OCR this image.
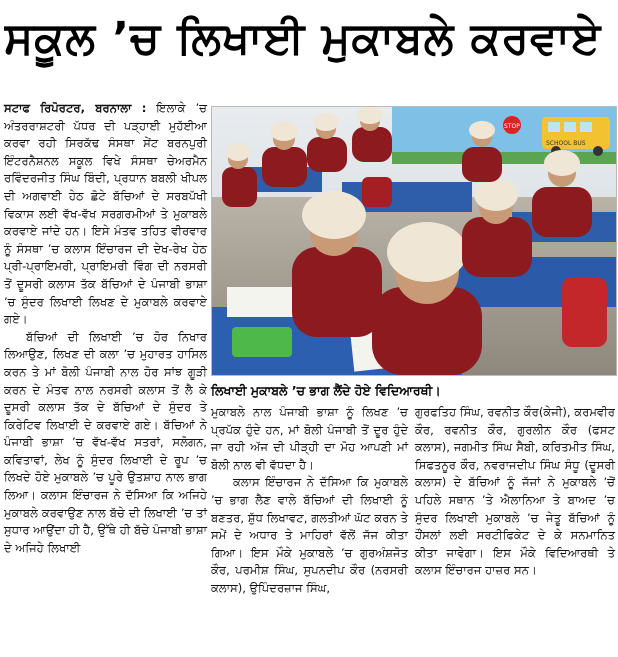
ਸਕੂਲ ’ਚ ਲਿਖਾਈ ਮੁਕਾਬਲੇ ਕਰਵਾਏ

ਸਟਾਫ ਰਿਪੋਰਟਰ, ਬਰਨਾਲਾ : ਇਲਾਕੇ ’ਚ ਅੰਤਰਰਾਸ਼ਟਰੀ ਪੱਧਰ ਦੀ ਪੜ੍ਹਾਈ ਮੁਹੱਈਆ ਕਰਵਾ ਰਹੀ ਸਿਰਕੱਢ ਸੰਸਥਾ ਸੇਂਟ ਬਰਨਪੁਰੀ ਇੰਟਰਨੈਸ਼ਨਲ ਸਕੂਲ ਵਿਖੇ ਸੰਸਥਾ ਚੇਅਰਮੈਨ ਰਵਿੰਦਰਜੀਤ ਸਿੰਘ ਬਿੰਦੀ, ਪ੍ਰਧਾਨ ਬਬਲੀ ਖੀਪਲ ਦੀ ਅਗਵਾਈ ਹੇਠ ਛੋਟੇ ਬੱਚਿਆਂ ਦੇ ਸਰਬਪੱਖੀ ਵਿਕਾਸ ਲਈ ਵੱਖ-ਵੱਖ ਸਰਗਰਮੀਆਂ ਤੇ ਮੁਕਾਬਲੇ ਕਰਵਾਏ ਜਾਂਦੇ ਹਨ। ਇਸੇ ਮੰਤਵ ਤਹਿਤ ਵੀਰਵਾਰ ਨੂੰ ਸੰਸਥਾ ’ਚ ਕਲਾਸ ਇੰਚਾਰਜ ਦੀ ਦੇਖ-ਰੇਖ ਹੇਠ ਪ੍ਰੀ-ਪ੍ਰਾਇਮਰੀ, ਪ੍ਰਾਇਮਰੀ ਵਿੰਗ ਦੀ ਨਰਸਰੀ ਤੋਂ ਦੂਸਰੀ ਕਲਾਸ ਤੱਕ ਬੱਚਿਆਂ ਦੇ ਪੰਜਾਬੀ ਭਾਸ਼ਾ ’ਚ ਸੁੰਦਰ ਲਿਖਾਈ ਲਿਖਣ ਦੇ ਮੁਕਾਬਲੇ ਕਰਵਾਏ ਗਏ।

ਬੱਚਿਆਂ ਦੀ ਲਿਖਾਈ ’ਚ ਹੋਰ ਨਿਖਾਰ ਲਿਆਉਣ, ਲਿਖਣ ਦੀ ਕਲਾ ’ਚ ਮੁਹਾਰਤ ਹਾਸਿਲ ਕਰਨ ਤੇ ਮਾਂ ਬੋਲੀ ਪੰਜਾਬੀ ਨਾਲ ਹੋਰ ਸਾਂਝ ਗੂੜੀ ਕਰਨ ਦੇ ਮੰਤਵ ਨਾਲ ਨਰਸਰੀ ਕਲਾਸ ਤੋਂ ਲੈ ਕੇ ਦੂਸਰੀ ਕਲਾਸ ਤੱਕ ਦੇ ਬੱਚਿਆਂ ਦੇ ਸੁੰਦਰ ਤੇ ਕਿਰੇਟਿਵ ਲਿਖਾਈ ਦੇ ਕਰਵਾਏ ਗਏ। ਬੱਚਿਆਂ ਨੇ ਪੰਜਾਬੀ ਭਾਸ਼ਾ ’ਚ ਵੱਖ-ਵੱਖ ਸਤਰਾਂ, ਸਲੋਗਨ, ਕਵਿਤਾਵਾਂ, ਲੇਖ ਨੂੰ ਸੁੰਦਰ ਲਿਖਾਈ ਦੇ ਰੂਪ ’ਚ ਲਿਖਦੇ ਹੋਏ ਮੁਕਾਬਲੇ ’ਚ ਪੂਰੇ ਉਤਸ਼ਾਹ ਨਾਲ ਭਾਗ ਲਿਆ। ਕਲਾਸ ਇੰਚਾਰਜ ਨੇ ਦੱਸਿਆ ਕਿ ਅਜਿਹੇ ਮੁਕਾਬਲੇ ਕਰਵਾਉਣ ਨਾਲ ਬੱਚੇ ਦੀ ਲਿਖਾਈ ’ਚ ਤਾਂ ਸੁਧਾਰ ਆਉਂਦਾ ਹੀ ਹੈ, ਉੱਥੇ ਹੀ ਬੱਚੇ ਪੰਜਾਬੀ ਭਾਸ਼ਾ ਦੇ ਅਜਿਹੇ ਲਿਖਾਈ

SCHOOL BUS
STOP
ਲਿਖਾਈ ਮੁਕਾਬਲੇ ’ਚ ਭਾਗ ਲੈਂਦੇ ਹੋਏ ਵਿਦਿਆਰਥੀ।

ਮੁਕਾਬਲੇ ਨਾਲ ਪੰਜਾਬੀ ਭਾਸ਼ਾ ਨੂੰ ਲਿਖਣ ’ਚ ਪ੍ਰਪੱਕ ਹੁੰਦੇ ਹਨ, ਮਾਂ ਬੋਲੀ ਪੰਜਾਬੀ ਤੋਂ ਦੂਰ ਹੁੰਦੇ ਜਾ ਰਹੀ ਅੱਜ ਦੀ ਪੀੜ੍ਹੀ ਦਾ ਮੋਹ ਆਪਣੀ ਮਾਂ ਬੋਲੀ ਨਾਲ ਵੀ ਵੱਧਦਾ ਹੈ।

ਕਲਾਸ ਇੰਚਾਰਜ ਨੇ ਦੱਸਿਆ ਕਿ ਮੁਕਾਬਲੇ ’ਚ ਭਾਗ ਲੈਣ ਵਾਲੇ ਬੱਚਿਆਂ ਦੀ ਲਿਖਾਈ ਨੂੰ ਬਣਤਰ, ਸ਼ੁੱਧ ਲਿਖਾਵਟ, ਗਲਤੀਆਂ ਘੱਟ ਕਰਨ ਤੇ ਸਮੇਂ ਦੇ ਅਧਾਰ ਤੇ ਮਾਹਿਰਾਂ ਵੱਲੋਂ ਜੱਜ ਕੀਤਾ ਗਿਆ। ਇਸ ਮੌਕੇ ਮੁਕਾਬਲੇ ’ਚ ਗੁਰਅੰਸ਼ਜੋਤ ਕੌਰ, ਪਰਮੀਸ਼ ਸਿੰਘ, ਸੁਪਨਦੀਪ ਕੌਰ (ਨਰਸਰੀ ਕਲਾਸ), ਉਪਿੰਦਰਜ਼ਾਜ ਸਿੰਘ,

ਗੁਰਫਤਿਹ ਸਿੰਘ, ਰਵਨੀਤ ਕੌਰ(ਕੇਜੀ), ਕਰਮਵੀਰ ਕੌਰ, ਰਵਨੀਤ ਕੌਰ, ਗੁਰਲੀਨ ਕੌਰ (ਫਸਟ ਕਲਾਸ), ਜਗਮੀਤ ਸਿੰਘ ਸੈਬੀ, ਕਰਿਤਮੀਤ ਸਿੰਘ, ਸਿਫਤਨੂਰ ਕੌਰ, ਨਵਰਾਜਦੀਪ ਸਿੰਘ ਸੰਧੂ (ਦੂਸਰੀ ਕਲਾਸ) ਦੇ ਬੱਚਿਆਂ ਨੂੰ ਜੱਜਾਂ ਨੇ ਮੁਕਾਬਲੇ ’ਚੋਂ ਪਹਿਲੇ ਸਥਾਨ ’ਤੇ ਐਲਾਨਿਆ ਤੇ ਬਾਅਦ ’ਚ ਸੁੰਦਰ ਲਿਖਾਈ ਮੁਕਾਬਲੇ ’ਚ ਜੇਤੂ ਬੱਚਿਆਂ ਨੂੰ ਹੌਂਸਲਾਂ ਲਈ ਸਰਟੀਫਿਕੇਟ ਦੇ ਕੇ ਸਨਮਾਨਿਤ ਕੀਤਾ ਜਾਵੇਗਾ। ਇਸ ਮੌਕੇ ਵਿਦਿਆਰਥੀ ਤੇ ਕਲਾਸ ਇੰਚਾਰਜ ਹਾਜ਼ਰ ਸਨ।
